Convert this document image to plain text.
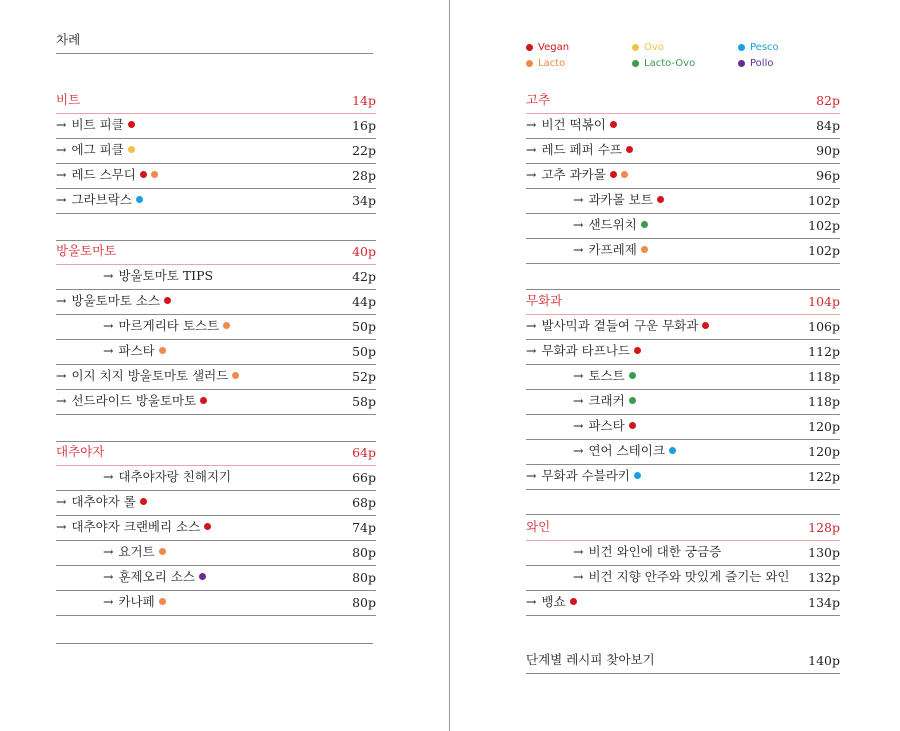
차례
비트	14p
→ 비트 피클	16p
→ 에그 피클	22p
→ 레드 스무디	28p
→ 그라브락스	34p
방울토마토	40p
→ 방울토마토 TIPS	42p
→ 방울토마토 소스	44p
→ 마르게리타 토스트	50p
→ 파스타	50p
→ 이지 치지 방울토마토 샐러드	52p
→ 선드라이드 방울토마토	58p
대추야자	64p
→ 대추야자랑 친해지기	66p
→ 대추야자 롤	68p
→ 대추야자 크랜베리 소스	74p
→ 요거트	80p
→ 훈제오리 소스	80p
→ 카나페	80p
Vegan	Ovo	Pesco
Lacto	Lacto-Ovo	Pollo
고추	82p
→ 비건 떡볶이	84p
→ 레드 페퍼 수프	90p
→ 고추 과카몰	96p
→ 과카몰 보트	102p
→ 샌드위치	102p
→ 카프레제	102p
무화과	104p
→ 발사믹과 곁들여 구운 무화과	106p
→ 무화과 타프나드	112p
→ 토스트	118p
→ 크래커	118p
→ 파스타	120p
→ 연어 스테이크	120p
→ 무화과 수블라키	122p
와인	128p
→ 비건 와인에 대한 궁금증	130p
→ 비건 지향 안주와 맛있게 즐기는 와인 132p
→ 뱅쇼	134p
단계별 레시피 찾아보기	140p
